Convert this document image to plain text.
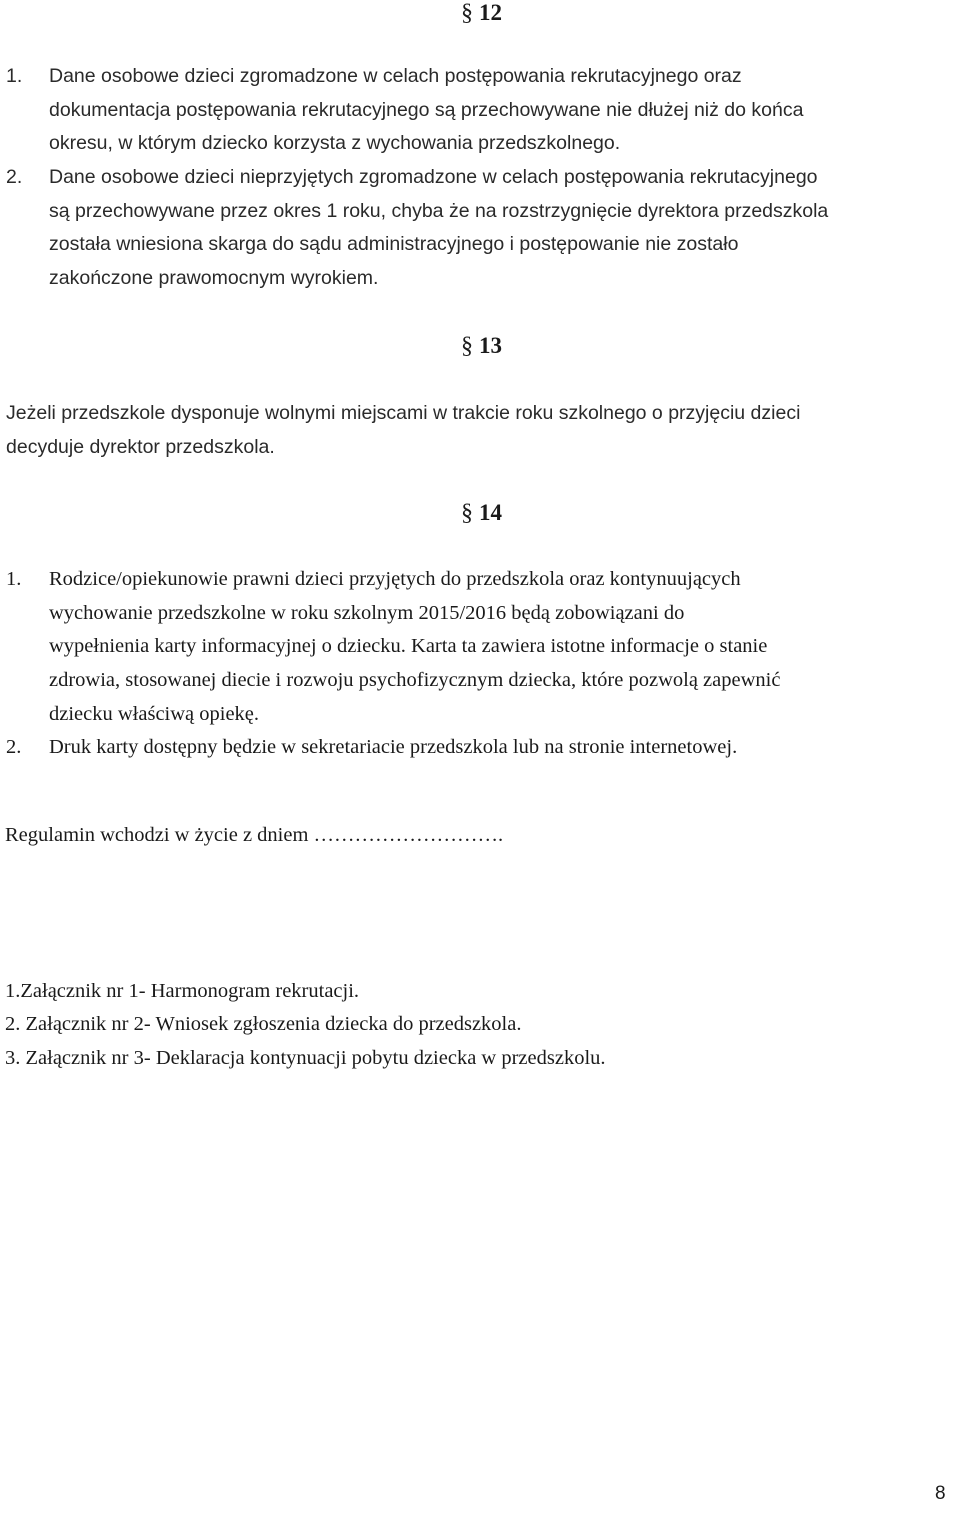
§ 12
1. Dane osobowe dzieci zgromadzone w celach postępowania rekrutacyjnego oraz
dokumentacja postępowania rekrutacyjnego są przechowywane nie dłużej niż do końca
okresu, w którym dziecko korzysta z wychowania przedszkolnego.
2. Dane osobowe dzieci nieprzyjętych zgromadzone w celach postępowania rekrutacyjnego
są przechowywane przez okres 1 roku, chyba że na rozstrzygnięcie dyrektora przedszkola
została wniesiona skarga do sądu administracyjnego i postępowanie nie zostało
zakończone prawomocnym wyrokiem.
§ 13
Jeżeli przedszkole dysponuje wolnymi miejscami w trakcie roku szkolnego o przyjęciu dzieci
decyduje dyrektor przedszkola.
§ 14
1. Rodzice/opiekunowie prawni dzieci przyjętych do przedszkola oraz kontynuujących
wychowanie przedszkolne w roku szkolnym 2015/2016 będą zobowiązani do
wypełnienia karty informacyjnej o dziecku. Karta ta zawiera istotne informacje o stanie
zdrowia, stosowanej diecie i rozwoju psychofizycznym dziecka, które pozwolą zapewnić
dziecku właściwą opiekę.
2. Druk karty dostępny będzie w sekretariacie przedszkola lub na stronie internetowej.
Regulamin wchodzi w życie z dniem ……………………….
1.Załącznik nr 1- Harmonogram rekrutacji.
2. Załącznik nr 2- Wniosek zgłoszenia dziecka do przedszkola.
3. Załącznik nr 3- Deklaracja kontynuacji pobytu dziecka w przedszkolu.
8
